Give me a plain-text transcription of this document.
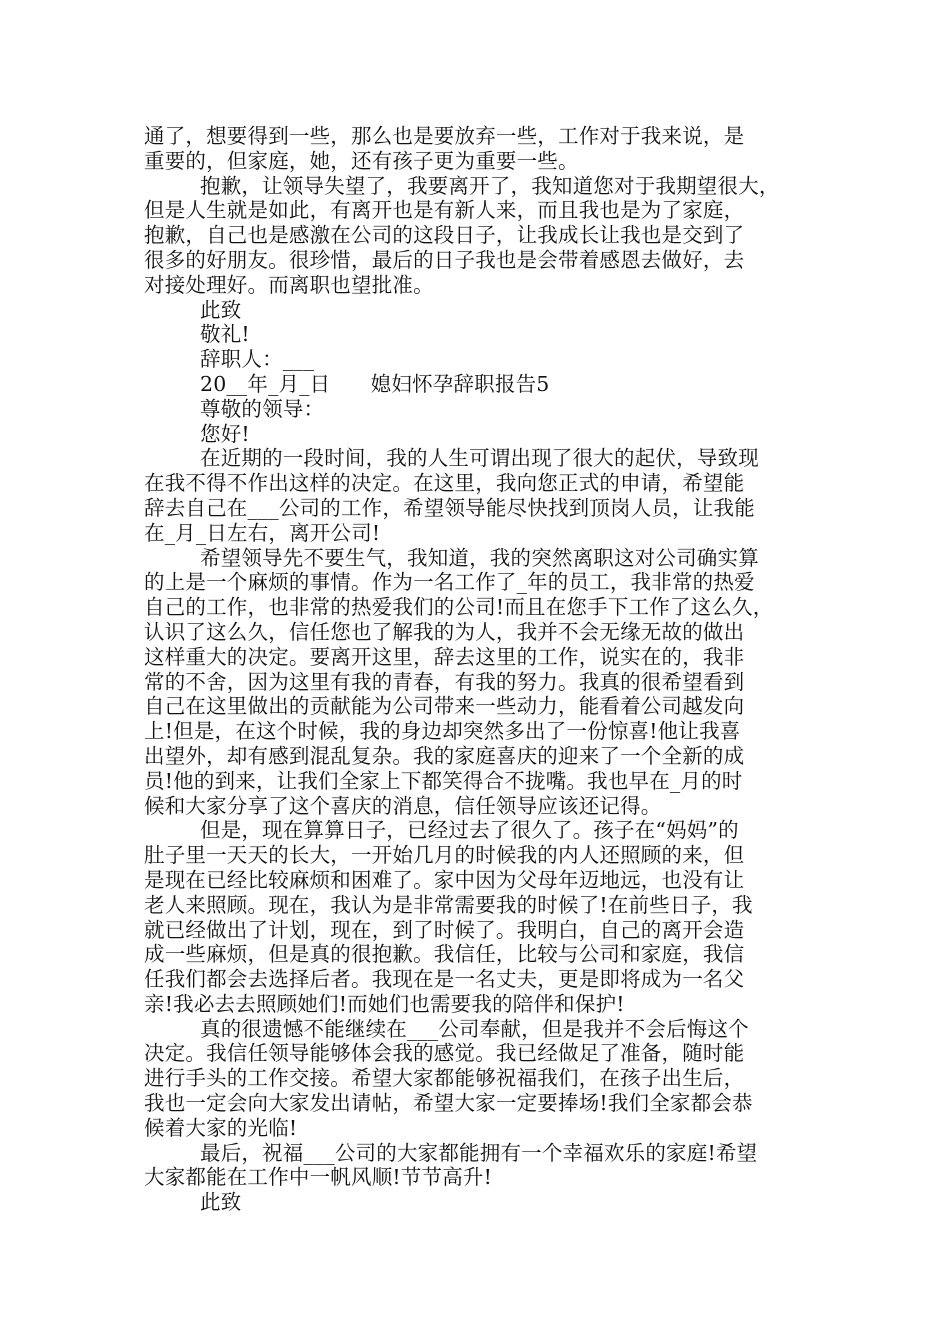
通了，想要得到一些，那么也是要放弃一些，工作对于我来说，是
重要的，但家庭，她，还有孩子更为重要一些。
抱歉，让领导失望了，我要离开了，我知道您对于我期望很大，
但是人生就是如此，有离开也是有新人来，而且我也是为了家庭，
抱歉，自己也是感激在公司的这段日子，让我成长让我也是交到了
很多的好朋友。很珍惜，最后的日子我也是会带着感恩去做好，去
对接处理好。而离职也望批准。
此致
敬礼!
辞职人：___
20__年_月_日      媳妇怀孕辞职报告5
尊敬的领导：
您好!
在近期的一段时间，我的人生可谓出现了很大的起伏，导致现
在我不得不作出这样的决定。在这里，我向您正式的申请，希望能
辞去自己在___公司的工作，希望领导能尽快找到顶岗人员，让我能
在_月_日左右，离开公司!
希望领导先不要生气，我知道，我的突然离职这对公司确实算
的上是一个麻烦的事情。作为一名工作了_年的员工，我非常的热爱
自己的工作，也非常的热爱我们的公司!而且在您手下工作了这么久，
认识了这么久，信任您也了解我的为人，我并不会无缘无故的做出
这样重大的决定。要离开这里，辞去这里的工作，说实在的，我非
常的不舍，因为这里有我的青春，有我的努力。我真的很希望看到
自己在这里做出的贡献能为公司带来一些动力，能看着公司越发向
上!但是，在这个时候，我的身边却突然多出了一份惊喜!他让我喜
出望外，却有感到混乱复杂。我的家庭喜庆的迎来了一个全新的成
员!他的到来，让我们全家上下都笑得合不拢嘴。我也早在_月的时
候和大家分享了这个喜庆的消息，信任领导应该还记得。
但是，现在算算日子，已经过去了很久了。孩子在“妈妈”的
肚子里一天天的长大，一开始几月的时候我的内人还照顾的来，但
是现在已经比较麻烦和困难了。家中因为父母年迈地远，也没有让
老人来照顾。现在，我认为是非常需要我的时候了!在前些日子，我
就已经做出了计划，现在，到了时候了。我明白，自己的离开会造
成一些麻烦，但是真的很抱歉。我信任，比较与公司和家庭，我信
任我们都会去选择后者。我现在是一名丈夫，更是即将成为一名父
亲!我必去去照顾她们!而她们也需要我的陪伴和保护!
真的很遗憾不能继续在___公司奉献，但是我并不会后悔这个
决定。我信任领导能够体会我的感觉。我已经做足了准备，随时能
进行手头的工作交接。希望大家都能够祝福我们，在孩子出生后，
我也一定会向大家发出请帖，希望大家一定要捧场!我们全家都会恭
候着大家的光临!
最后，祝福___公司的大家都能拥有一个幸福欢乐的家庭!希望
大家都能在工作中一帆风顺!节节高升!
此致
